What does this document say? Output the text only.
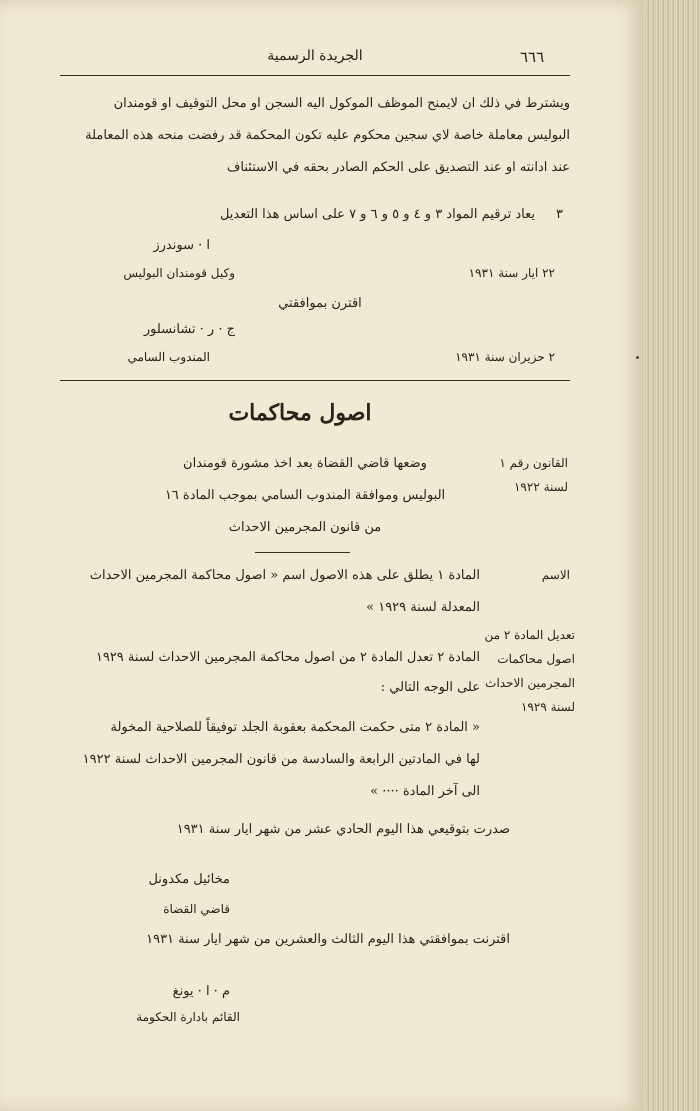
٦٦٦
الجريدة الرسمية
ويشترط في ذلك ان لايمنح الموظف الموكول اليه السجن او محل التوقيف او قومندان
البوليس معاملة خاصة لاي سجين محكوم عليه تكون المحكمة قد رفضت منحه هذه المعاملة
عند ادانته او عند التصديق على الحكم الصادر بحقه في الاستئناف
٣
يعاد ترقيم المواد ٣ و ٤ و ٥ و ٦ و ٧ على اساس هذا التعديل
ا · سوندرز
٢٢ ايار سنة ١٩٣١
وكيل قومندان البوليس
اقترن بموافقتي
ج · ر · تشانسلور
٢ حزيران سنة ١٩٣١
المندوب السامي
اصول محاكمات
القانون رقم ١
لسنة ١٩٢٢
وضعها قاضي القضاة بعد اخذ مشورة قومندان
البوليس وموافقة المندوب السامي بموجب المادة ١٦
من قانون المجرمين الاحداث
الاسم
المادة ١ يطلق على هذه الاصول اسم « اصول محاكمة المجرمين الاحداث
المعدلة لسنة ١٩٢٩ »
تعديل المادة ٢ من
اصول محاكمات
المجرمين الاحداث
لسنة ١٩٢٩
المادة ٢ تعدل المادة ٢ من اصول محاكمة المجرمين الاحداث لسنة ١٩٢٩
على الوجه التالي :
« المادة ٢ متى حكمت المحكمة بعقوبة الجلد توفيقاً للصلاحية المخولة
لها في المادتين الرابعة والسادسة من قانون المجرمين الاحداث لسنة ١٩٢٢
الى آخر المادة ···· »
صدرت بتوقيعي هذا اليوم الحادي عشر من شهر ايار سنة ١٩٣١
مخائيل مكدونل
قاضي القضاة
اقترنت بموافقتي هذا اليوم الثالث والعشرين من شهر ايار سنة ١٩٣١
م · ا · يونغ
القائم بادارة الحكومة
